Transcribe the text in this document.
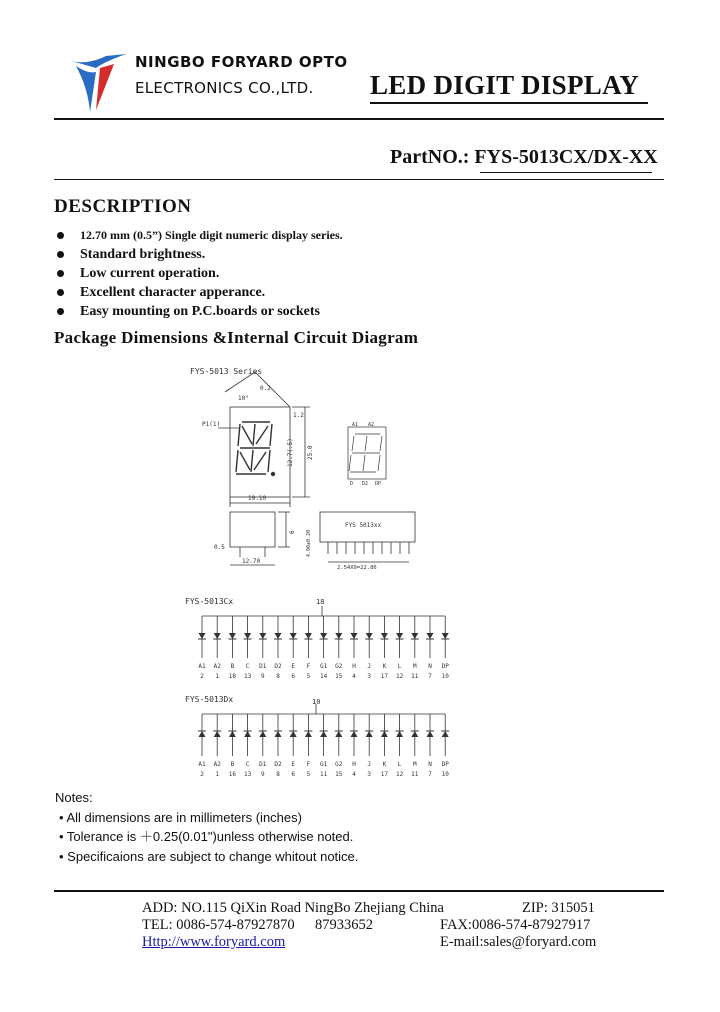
NINGBO FORYARD OPTO
ELECTRONICS CO.,LTD. LED DIGIT DISPLAY
PartNO.: FYS-5013CX/DX-XX
DESCRIPTION
12.70 mm (0.5”) Single digit numeric display series.
Standard brightness.
Low current operation.
Excellent character apperance.
Easy mounting on P.C.boards or sockets
Package Dimensions &Internal Circuit Diagram
FYS-5013 Series
0.2
10°
P1(1)
1.2
12.7(.5) 25.0
19.10
A1 A2
D D2 DP
0.5
6
12.70
FYS 5013xx
4.00±0.20
2.54X9=22.86
FYS-5013Cx	18
A1
2
A2
1
B
18
C
13
D1
9
D2
8
E
6
F
5
G1
14
G2
15
H
4
J
3
K
17
L
12
M
11
N
7
DP
10
FYS-5013Dx	10
A1
2
A2
1
B
16
C
13
D1
9
D2
8
E
6
F
5
G1
11
G2
15
H
4
J
3
K
17
L
12
M
11
N
7
DP
10
Notes:
• All dimensions are in millimeters (inches)
• Tolerance is ＋0.25(0.01")unless otherwise noted.
• Specificaions are subject to change whitout notice.
ADD: NO.115 QiXin Road NingBo Zhejiang China	ZIP: 315051
TEL: 0086-574-87927870 87933652	FAX:0086-574-87927917
Http://www.foryard.com	E-mail:sales@foryard.com
